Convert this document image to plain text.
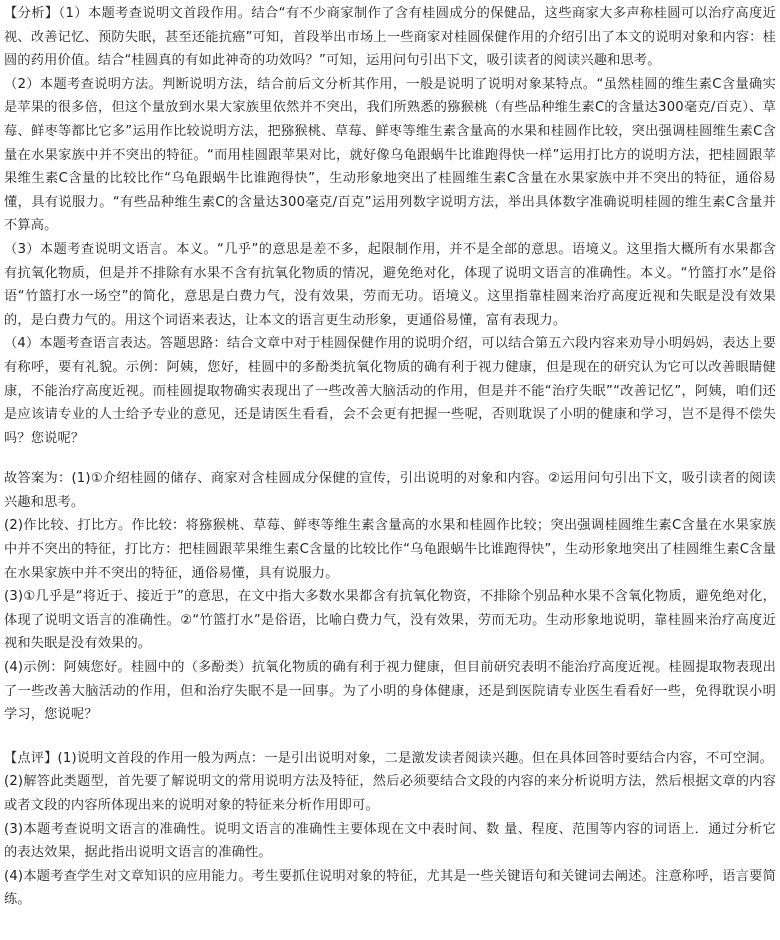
【分析】（1）本题考查说明文首段作用。结合“有不少商家制作了含有桂圆成分的保健品，这些商家大多声称桂圆可以治疗高度近视、改善记忆、预防失眠，甚至还能抗癌”可知，首段举出市场上一些商家对桂圆保健作用的介绍引出了本文的说明对象和内容：桂圆的药用价值。结合“桂圆真的有如此神奇的功效吗？”可知，运用问句引出下文，吸引读者的阅读兴趣和思考。

（2）本题考查说明方法。判断说明方法，结合前后文分析其作用，一般是说明了说明对象某特点。“虽然桂圆的维生素C含量确实是苹果的很多倍，但这个量放到水果大家族里依然并不突出，我们所熟悉的猕猴桃（有些品种维生素C的含量达300毫克/百克）、草莓、鲜枣等都比它多”运用作比较说明方法，把猕猴桃、草莓、鲜枣等维生素含量高的水果和桂圆作比较，突出强调桂圆维生素C含量在水果家族中并不突出的特征。“而用桂圆跟苹果对比，就好像乌龟跟蜗牛比谁跑得快一样”运用打比方的说明方法，把桂圆跟苹果维生素C含量的比较比作“乌龟跟蜗牛比谁跑得快”，生动形象地突出了桂圆维生素C含量在水果家族中并不突出的特征，通俗易懂，具有说服力。“有些品种维生素C的含量达300毫克/百克”运用列数字说明方法，举出具体数字准确说明桂圆的维生素C含量并不算高。

（3）本题考查说明文语言。本义。“几乎”的意思是差不多，起限制作用，并不是全部的意思。语境义。这里指大概所有水果都含有抗氧化物质，但是并不排除有水果不含有抗氧化物质的情况，避免绝对化，体现了说明文语言的准确性。本义。“竹篮打水”是俗语“竹篮打水一场空”的简化，意思是白费力气，没有效果，劳而无功。语境义。这里指靠桂圆来治疗高度近视和失眠是没有效果的，是白费力气的。用这个词语来表达，让本文的语言更生动形象，更通俗易懂，富有表现力。

（4）本题考查语言表达。答题思路：结合文章中对于桂圆保健作用的说明介绍，可以结合第五六段内容来劝导小明妈妈，表达上要有称呼，要有礼貌。示例：阿姨，您好，桂圆中的多酚类抗氧化物质的确有利于视力健康，但是现在的研究认为它可以改善眼睛健康，不能治疗高度近视。而桂圆提取物确实表现出了一些改善大脑活动的作用，但是并不能“治疗失眠”“改善记忆”，阿姨，咱们还是应该请专业的人士给予专业的意见，还是请医生看看，会不会更有把握一些呢，否则耽误了小明的健康和学习，岂不是得不偿失吗？您说呢？

故答案为：(1)①介绍桂圆的储存、商家对含桂圆成分保健的宣传，引出说明的对象和内容。②运用问句引出下文，吸引读者的阅读兴趣和思考。

(2)作比较、打比方。作比较：将猕猴桃、草莓、鲜枣等维生素含量高的水果和桂圆作比较；突出强调桂圆维生素C含量在水果家族中并不突出的特征，打比方：把桂圆跟苹果维生素C含量的比较比作“乌龟跟蜗牛比谁跑得快”，生动形象地突出了桂圆维生素C含量在水果家族中并不突出的特征，通俗易懂，具有说服力。

(3)①几乎是“将近于、接近于”的意思，在文中指大多数水果都含有抗氧化物资，不排除个别品种水果不含氧化物质，避免绝对化，体现了说明文语言的准确性。②“竹篮打水”是俗语，比喻白费力气，没有效果，劳而无功。生动形象地说明，靠桂圆来治疗高度近视和失眠是没有效果的。

(4)示例：阿姨您好。桂圆中的（多酚类）抗氧化物质的确有利于视力健康，但目前研究表明不能治疗高度近视。桂圆提取物表现出了一些改善大脑活动的作用，但和治疗失眠不是一回事。为了小明的身体健康，还是到医院请专业医生看看好一些，免得耽误小明学习，您说呢？

【点评】(1)说明文首段的作用一般为两点：一是引出说明对象，二是激发读者阅读兴趣。但在具体回答时要结合内容，不可空洞。

(2)解答此类题型，首先要了解说明文的常用说明方法及特征，然后必须要结合文段的内容的来分析说明方法，然后根据文章的内容或者文段的内容所体现出来的说明对象的特征来分析作用即可。

(3)本题考查说明文语言的准确性。说明文语言的准确性主要体现在文中表时间、数 量、程度、范围等内容的词语上．通过分析它的表达效果，据此指出说明文语言的准确性。

(4)本题考查学生对文章知识的应用能力。考生要抓住说明对象的特征，尤其是一些关键语句和关键词去阐述。注意称呼，语言要简练。
